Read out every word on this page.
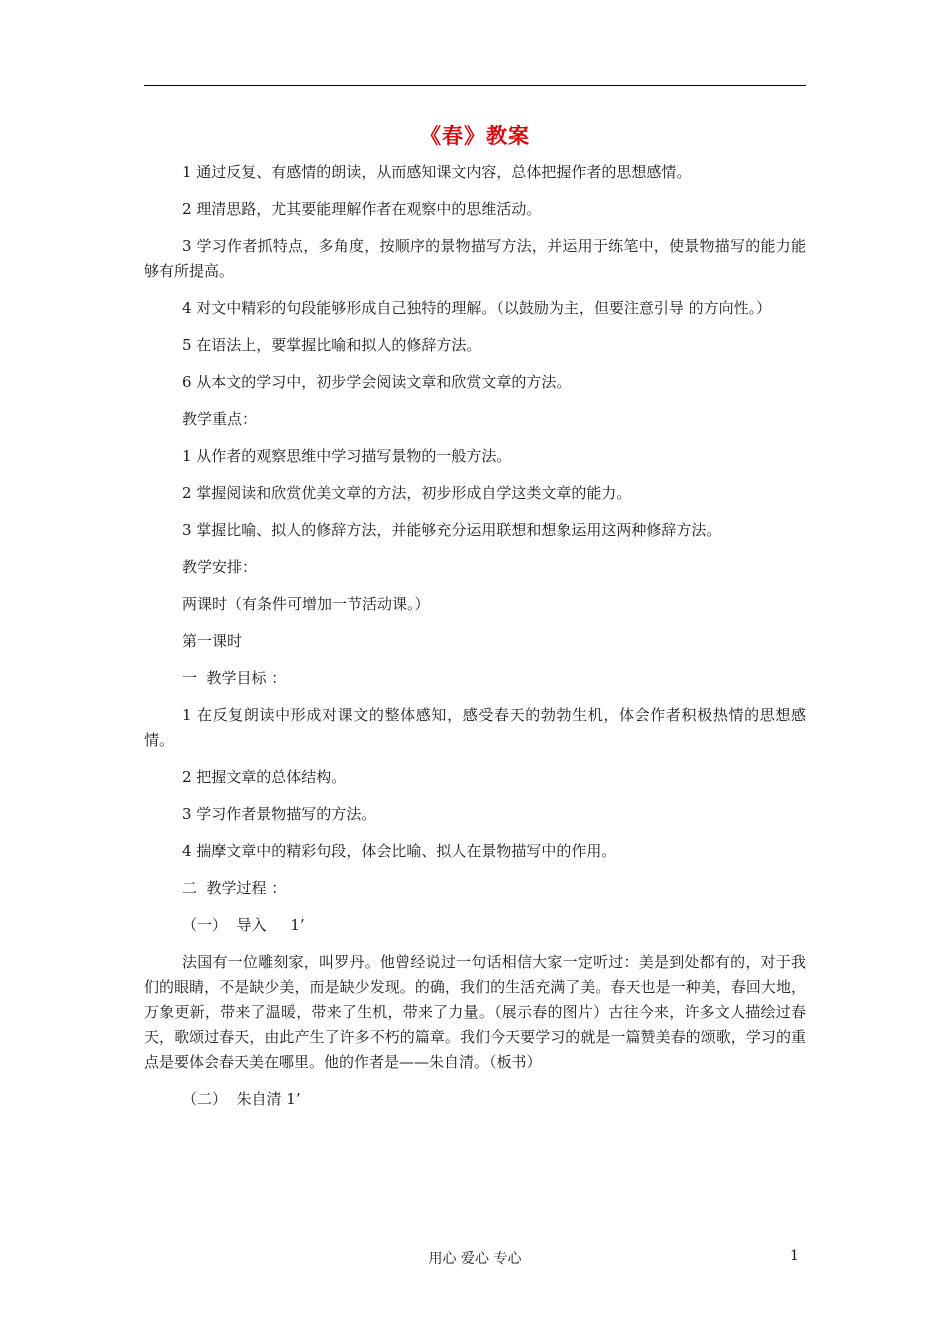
《春》教案

1 通过反复、有感情的朗读，从而感知课文内容，总体把握作者的思想感情。

2 理清思路，尤其要能理解作者在观察中的思维活动。

3 学习作者抓特点，多角度，按顺序的景物描写方法，并运用于练笔中，使景物描写的能力能够有所提高。

4 对文中精彩的句段能够形成自己独特的理解。（以鼓励为主，但要注意引导 的方向性。）

5 在语法上，要掌握比喻和拟人的修辞方法。

6 从本文的学习中，初步学会阅读文章和欣赏文章的方法。

教学重点：

1 从作者的观察思维中学习描写景物的一般方法。

2 掌握阅读和欣赏优美文章的方法，初步形成自学这类文章的能力。

3 掌握比喻、拟人的修辞方法，并能够充分运用联想和想象运用这两种修辞方法。

教学安排：

两课时（有条件可增加一节活动课。）

第一课时

一  教学目标 ：

1 在反复朗读中形成对课文的整体感知，感受春天的勃勃生机，体会作者积极热情的思想感情。

2 把握文章的总体结构。

3 学习作者景物描写的方法。

4 揣摩文章中的精彩句段，体会比喻、拟人在景物描写中的作用。

二  教学过程 ：

（一）  导入     1’

法国有一位雕刻家，叫罗丹。他曾经说过一句话相信大家一定听过：美是到处都有的，对于我们的眼睛，不是缺少美，而是缺少发现。的确，我们的生活充满了美。春天也是一种美，春回大地，万象更新，带来了温暖，带来了生机，带来了力量。（展示春的图片）古往今来，许多文人描绘过春天，歌颂过春天，由此产生了许多不朽的篇章。我们今天要学习的就是一篇赞美春的颂歌，学习的重点是要体会春天美在哪里。他的作者是——朱自清。（板书）

（二）  朱自清 1’

用心 爱心 专心	1
